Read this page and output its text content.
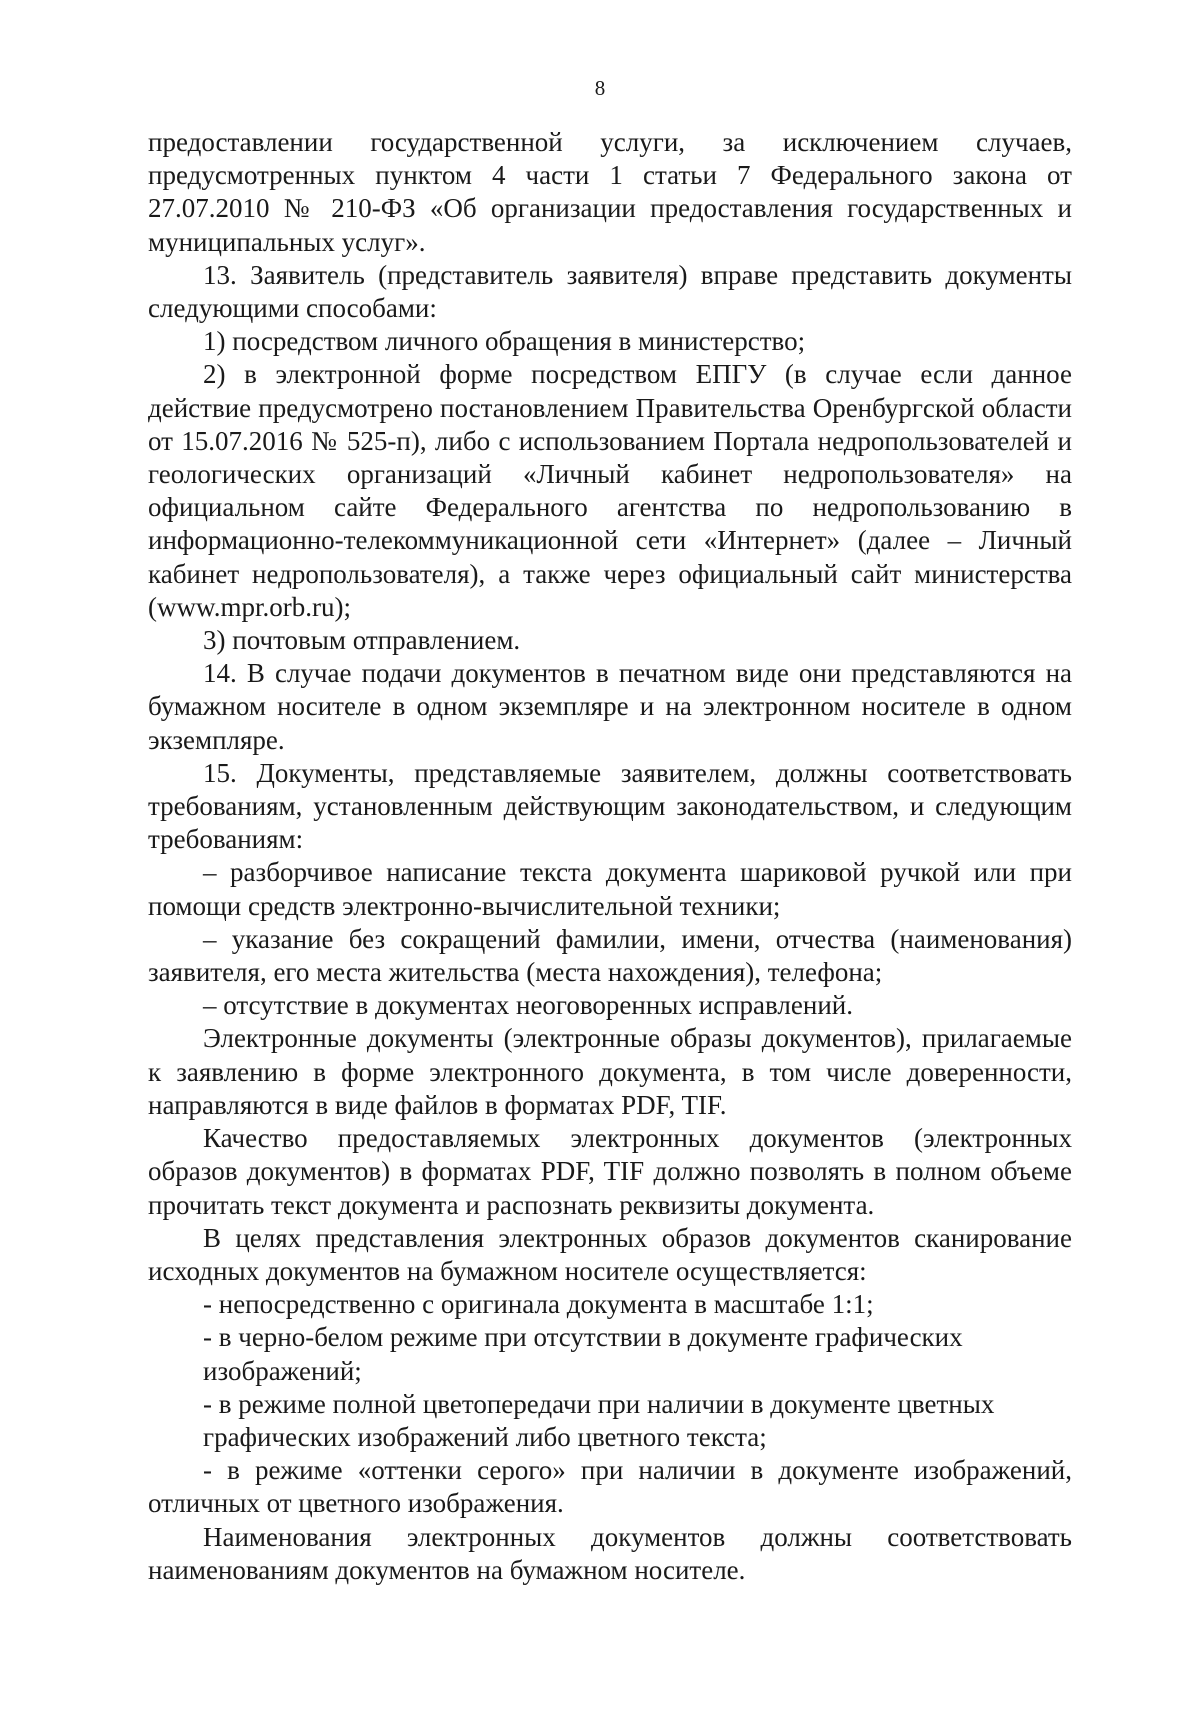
8

предоставлении государственной услуги, за исключением случаев, предусмотренных пунктом 4 части 1 статьи 7 Федерального закона от 27.07.2010 № 210-ФЗ «Об организации предоставления государственных и муниципальных услуг».

13. Заявитель (представитель заявителя) вправе представить документы следующими способами:

1) посредством личного обращения в министерство;

2) в электронной форме посредством ЕПГУ (в случае если данное действие предусмотрено постановлением Правительства Оренбургской области от 15.07.2016 № 525-п), либо с использованием Портала недропользователей и геологических организаций «Личный кабинет недропользователя» на официальном сайте Федерального агентства по недропользованию в информационно-телекоммуникационной сети «Интернет» (далее – Личный кабинет недропользователя), а также через официальный сайт министерства (www.mpr.orb.ru);

3) почтовым отправлением.

14. В случае подачи документов в печатном виде они представляются на бумажном носителе в одном экземпляре и на электронном носителе в одном экземпляре.

15. Документы, представляемые заявителем, должны соответствовать требованиям, установленным действующим законодательством, и следующим требованиям:

– разборчивое написание текста документа шариковой ручкой или при помощи средств электронно-вычислительной техники;

– указание без сокращений фамилии, имени, отчества (наименования) заявителя, его места жительства (места нахождения), телефона;

– отсутствие в документах неоговоренных исправлений.

Электронные документы (электронные образы документов), прилагаемые к заявлению в форме электронного документа, в том числе доверенности, направляются в виде файлов в форматах PDF, TIF.

Качество предоставляемых электронных документов (электронных образов документов) в форматах PDF, TIF должно позволять в полном объеме прочитать текст документа и распознать реквизиты документа.

В целях представления электронных образов документов сканирование исходных документов на бумажном носителе осуществляется:

- непосредственно с оригинала документа в масштабе 1:1;

- в черно-белом режиме при отсутствии в документе графических изображений;

- в режиме полной цветопередачи при наличии в документе цветных графических изображений либо цветного текста;

- в режиме «оттенки серого» при наличии в документе изображений, отличных от цветного изображения.

Наименования электронных документов должны соответствовать наименованиям документов на бумажном носителе.
